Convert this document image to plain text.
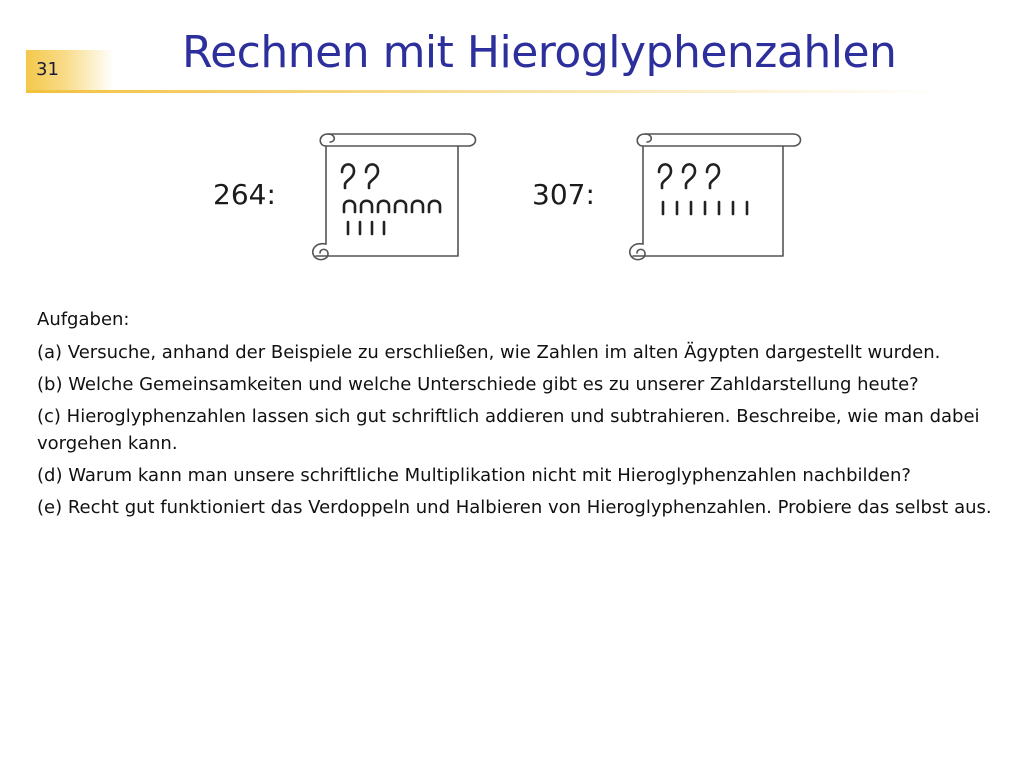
31	Rechnen mit Hieroglyphenzahlen
264:	307:

Aufgaben:

(a) Versuche, anhand der Beispiele zu erschließen, wie Zahlen im alten Ägypten dargestellt wurden.

(b) Welche Gemeinsamkeiten und welche Unterschiede gibt es zu unserer Zahldarstellung heute?

(c) Hieroglyphenzahlen lassen sich gut schriftlich addieren und subtrahieren. Beschreibe, wie man dabei vorgehen kann.

(d) Warum kann man unsere schriftliche Multiplikation nicht mit Hieroglyphenzahlen nachbilden?

(e) Recht gut funktioniert das Verdoppeln und Halbieren von Hieroglyphenzahlen. Probiere das selbst aus.
